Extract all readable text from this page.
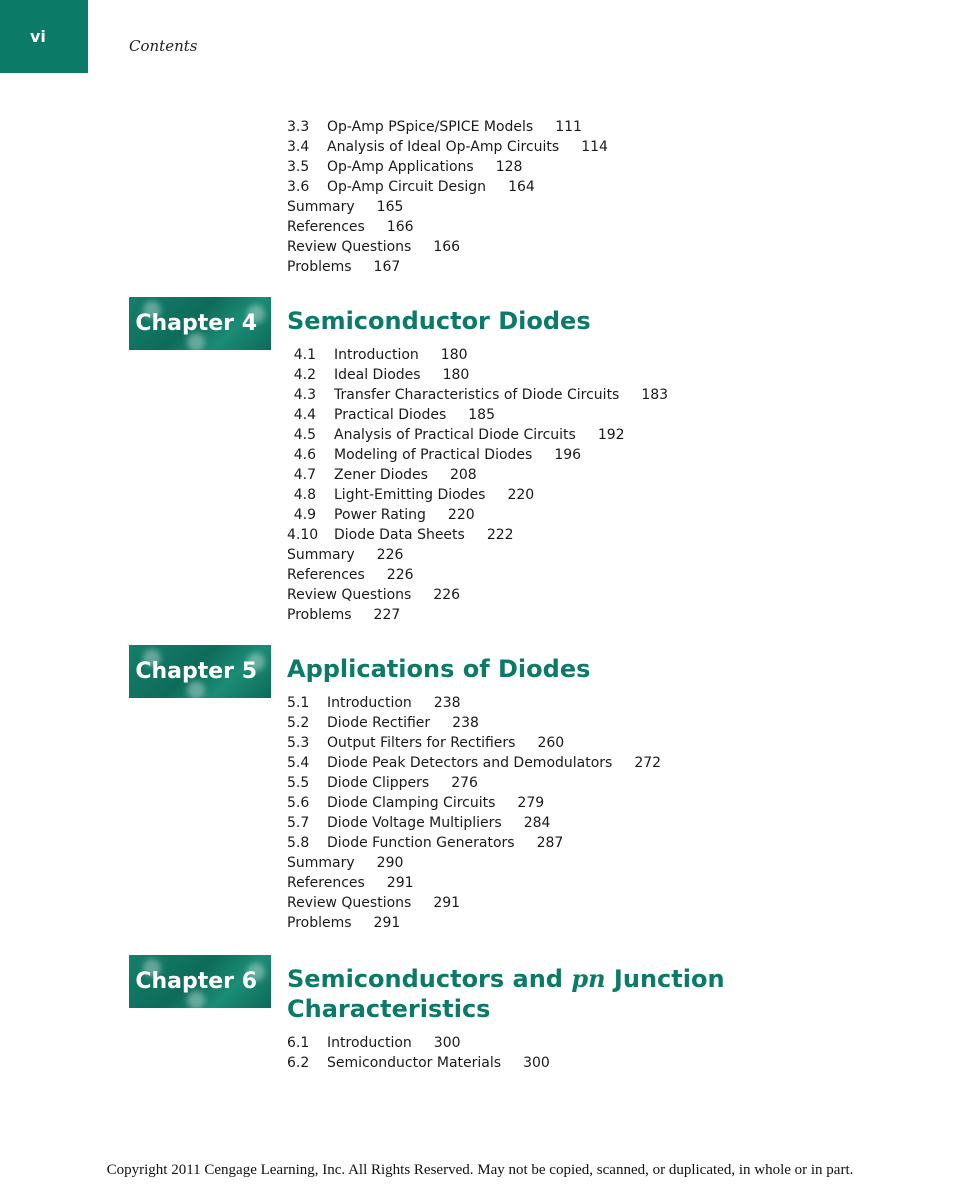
vi	Contents
3.3 Op-Amp PSpice/SPICE Models 111
3.4 Analysis of Ideal Op-Amp Circuits 114
3.5 Op-Amp Applications 128
3.6 Op-Amp Circuit Design 164
Summary 165
References 166
Review Questions 166
Problems 167
4.1 Introduction 180
4.2 Ideal Diodes 180
4.3 Transfer Characteristics of Diode Circuits 183
4.4 Practical Diodes 185
4.5 Analysis of Practical Diode Circuits 192
4.6 Modeling of Practical Diodes 196
4.7 Zener Diodes 208
4.8 Light-Emitting Diodes 220
4.9 Power Rating 220
4.10 Diode Data Sheets 222
Summary 226
References 226
Review Questions 226
Problems 227
5.1 Introduction 238
5.2 Diode Rectifier 238
5.3 Output Filters for Rectifiers 260
5.4 Diode Peak Detectors and Demodulators 272
5.5 Diode Clippers 276
5.6 Diode Clamping Circuits 279
5.7 Diode Voltage Multipliers 284
5.8 Diode Function Generators 287
Summary 290
References 291
Review Questions 291
Problems 291
6.1 Introduction 300
6.2 Semiconductor Materials 300
Chapter 4 Semiconductor Diodes
Chapter 5 Applications of Diodes
Chapter 6 Semiconductors and pn Junction
Characteristics
Copyright 2011 Cengage Learning, Inc. All Rights Reserved. May not be copied, scanned, or duplicated, in whole or in part.
